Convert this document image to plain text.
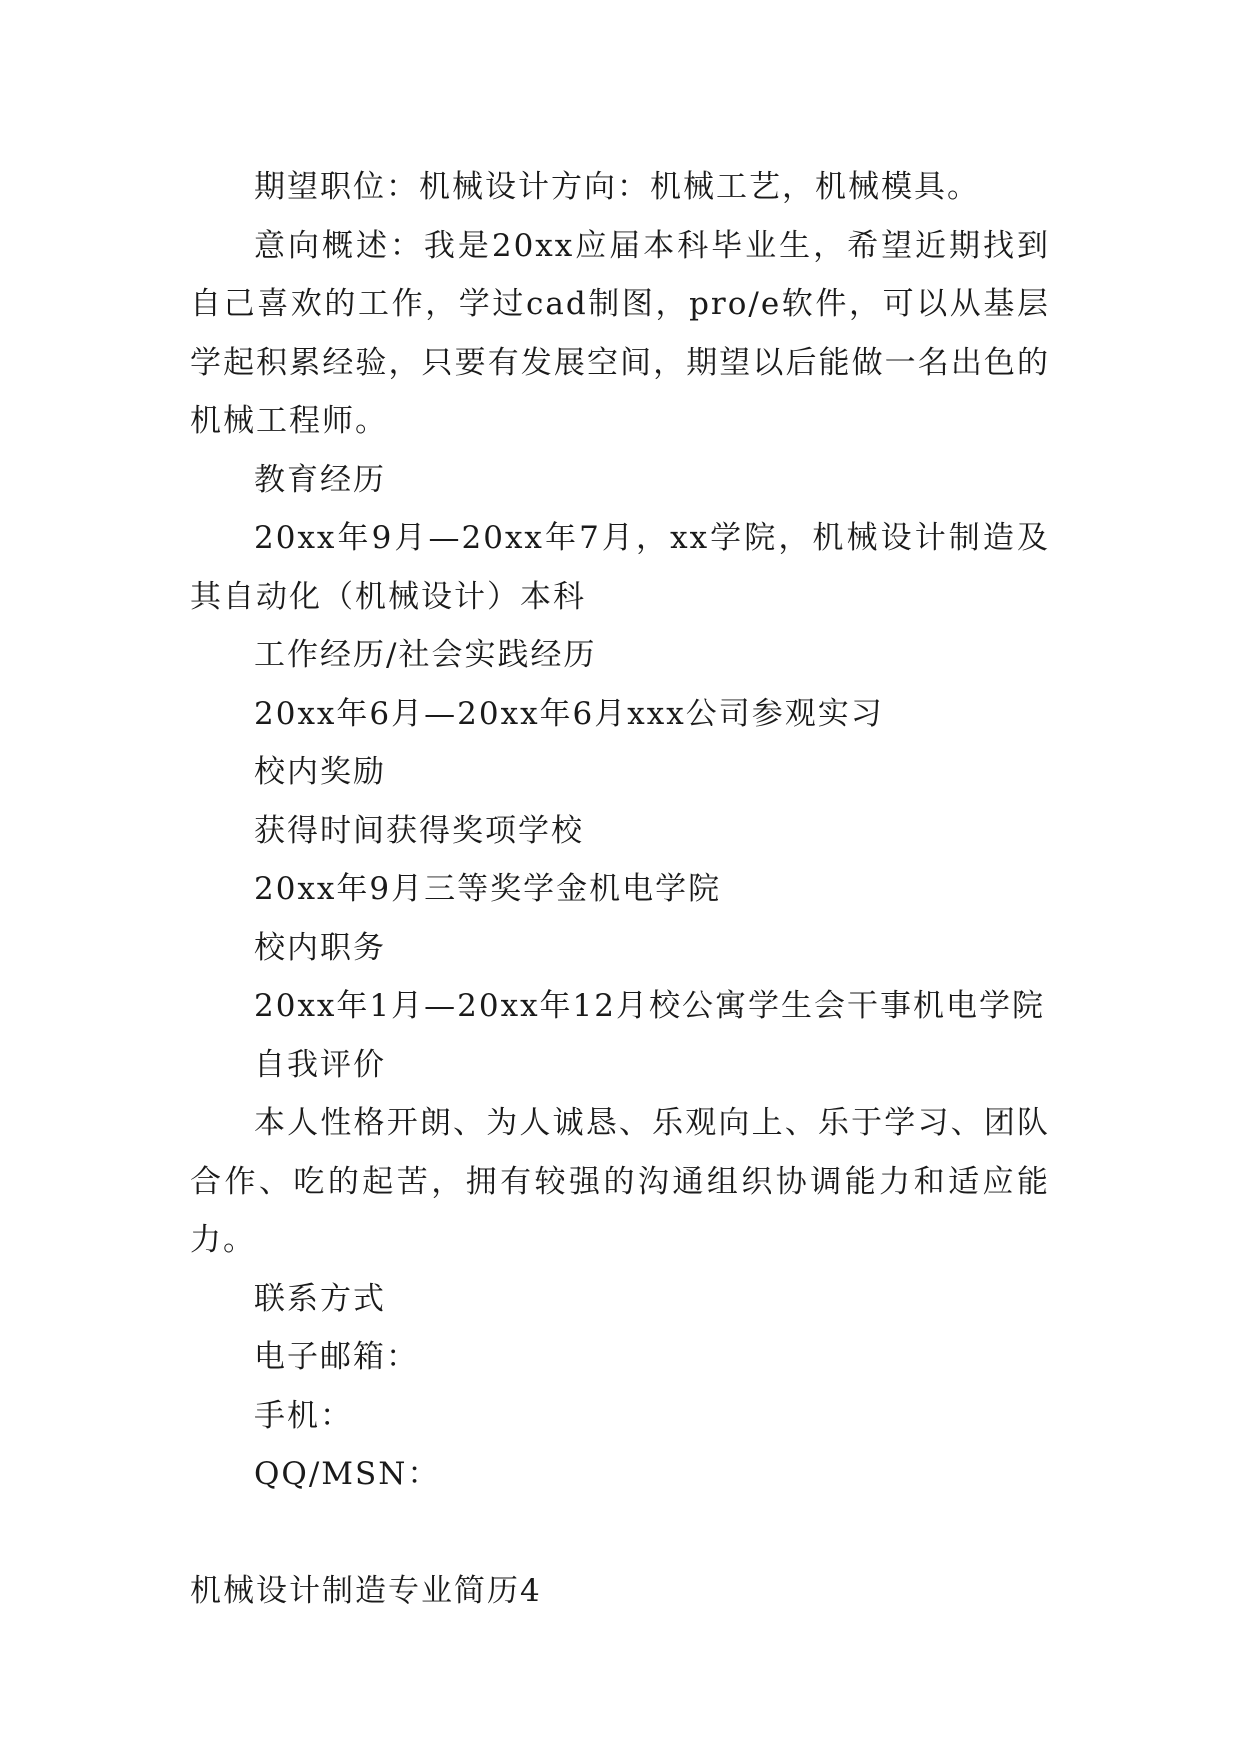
期望职位：机械设计方向：机械工艺，机械模具。

意向概述：我是20xx应届本科毕业生，希望近期找到自己喜欢的工作，学过cad制图，pro/e软件，可以从基层学起积累经验，只要有发展空间，期望以后能做一名出色的机械工程师。

教育经历

20xx年9月—20xx年7月，xx学院，机械设计制造及其自动化（机械设计）本科

工作经历/社会实践经历

20xx年6月—20xx年6月xxx公司参观实习

校内奖励

获得时间获得奖项学校

20xx年9月三等奖学金机电学院

校内职务

20xx年1月—20xx年12月校公寓学生会干事机电学院

自我评价

本人性格开朗、为人诚恳、乐观向上、乐于学习、团队合作、吃的起苦，拥有较强的沟通组织协调能力和适应能力。

联系方式

电子邮箱：

手机：

QQ/MSN：

机械设计制造专业简历4
